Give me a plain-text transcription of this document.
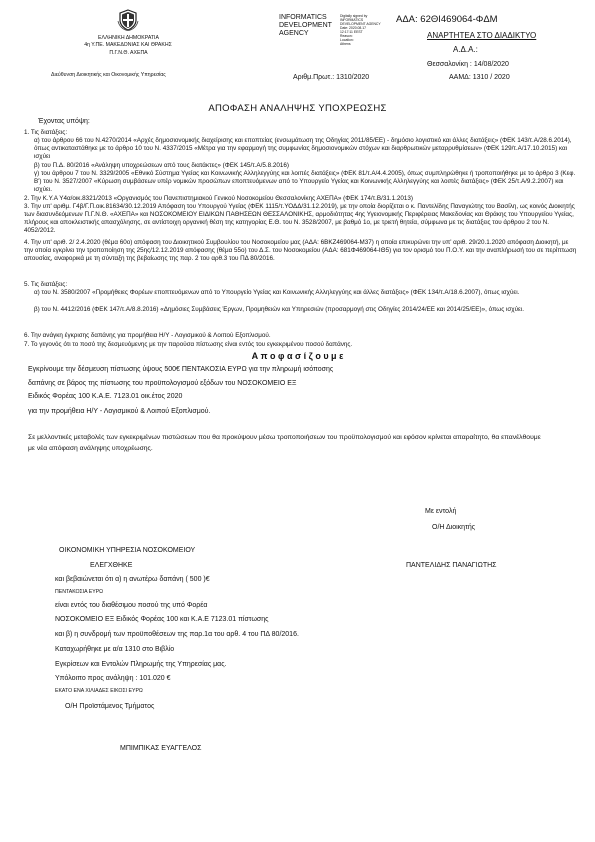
ΕΛΛΗΝΙΚΗ ΔΗΜΟΚΡΑΤΙΑ
4η Υ.ΠΕ. ΜΑΚΕΔΟΝΙΑΣ ΚΑΙ ΘΡΑΚΗΣ
Π.Γ.Ν.Θ. ΑΧΕΠΑ
Διεύθυνση Διοικητικής και Οικονομικής Υπηρεσίας
INFORMATICS
DEVELOPMENT
AGENCY
Digitally signed by
INFORMATICS
DEVELOPMENT AGENCY
Date: 2020.08.17
12:17:11 EEST
Reason:
Location:
Athens
ΑΔΑ: 62ΘΙ469064-ΦΔΜ
ΑΝΑΡΤΗΤΕΑ ΣΤΟ ΔΙΑΔΙΚΤΥΟ
Α.Δ.Α.:
Θεσσαλονίκη : 14/08/2020
Αριθμ.Πρωτ.: 1310/2020	ΑΑΜΔ: 1310 / 2020
ΑΠΟΦΑΣΗ ΑΝΑΛΗΨΗΣ ΥΠΟΧΡΕΩΣΗΣ
Έχοντας υπόψη:
1. Τις διατάξεις:
α) του άρθρου 66 του Ν.4270/2014 «Αρχές δημοσιονομικής διαχείρισης και εποπτείας (ενσωμάτωση της Οδηγίας 2011/85/ΕΕ) - δημόσιο λογιστικό και άλλες διατάξεις» (ΦΕΚ 143/τ.Α/28.6.2014), όπως αντικαταστάθηκε με το άρθρο 10 του Ν. 4337/2015 «Μέτρα για την εφαρμογή της συμφωνίας δημοσιονομικών στόχων και διαρθρωτικών μεταρρυθμίσεων» (ΦΕΚ 129/τ.Α/17.10.2015) και ισχύει
β) του Π.Δ. 80/2016 «Ανάληψη υποχρεώσεων από τους διατάκτες» (ΦΕΚ 145/τ.Α/5.8.2016)
γ) του άρθρου 7 του Ν. 3329/2005 «Εθνικό Σύστημα Υγείας και Κοινωνικής Αλληλεγγύης και λοιπές διατάξεις» (ΦΕΚ 81/τ.Α/4.4.2005), όπως συμπληρώθηκε ή τροποποιήθηκε με το άρθρο 3 (Κεφ. Β') του Ν. 3527/2007 «Κύρωση συμβάσεων υπέρ νομικών προσώπων εποπτευόμενων από το Υπουργείο Υγείας και Κοινωνικής Αλληλεγγύης και λοιπές διατάξεις» (ΦΕΚ 25/τ.Α/9.2.2007) και ισχύει.
2. Την Κ.Υ.Α Υ4α/οικ.8321/2013 «Οργανισμός του Πανεπιστημιακού Γενικού Νοσοκομείου Θεσσαλονίκης ΑΧΕΠΑ» (ΦΕΚ 174/τ.Β/31.1.2013)
3. Την υπ' αριθμ. Γ4β/Γ.Π.οικ.81634/30.12.2019 Απόφαση του Υπουργού Υγείας (ΦΕΚ 1115/τ.ΥΟΔΔ/31.12.2019), με την οποία διορίζεται ο κ. Παντελίδης Παναγιώτης του Βασίλη, ως κοινός Διοικητής των διασυνδεόμενων Π.Γ.Ν.Θ. «ΑΧΕΠΑ» και ΝΟΣΟΚΟΜΕΙΟΥ ΕΙΔΙΚΩΝ ΠΑΘΗΣΕΩΝ ΘΕΣΣΑΛΟΝΙΚΗΣ, αρμοδιότητας 4ης Υγειονομικής Περιφέρειας Μακεδονίας και Θράκης του Υπουργείου Υγείας, πλήρους και αποκλειστικής απασχόλησης, σε αντίστοιχη οργανική θέση της κατηγορίας Ε.Θ. του Ν. 3528/2007, με βαθμό 1ο, με τριετή θητεία, σύμφωνα με τις διατάξεις του άρθρου 2 του Ν. 4052/2012.
4. Την υπ' αριθ. 2/ 2.4.2020 (θέμα 60ο) απόφαση του Διοικητικού Συμβουλίου του Νοσοκομείου μας (ΑΔΑ: 6ΒΚΖ469064-Μ37) η οποία επικυρώνει την υπ' αριθ. 29/20.1.2020 απόφαση Διοικητή, με την οποία εγκρίνει την τροποποίηση της 25ης/12.12.2019 απόφασης (θέμα 55ο) του Δ.Σ. του Νοσοκομείου (ΑΔΑ: 681Φ469064-ΙΘ5) για τον ορισμό του Π.Ο.Υ. και την αναπλήρωσή του σε περίπτωση απουσίας, αναφορικά με τη σύνταξη της βεβαίωσης της παρ. 2 του αρθ.3 του ΠΔ 80/2016.
5. Τις διατάξεις:
α) του Ν. 3580/2007 «Προμήθειες Φορέων εποπτευόμενων από το Υπουργείο Υγείας και Κοινωνικής Αλληλεγγύης και άλλες διατάξεις» (ΦΕΚ 134/τ.Α/18.6.2007), όπως ισχύει.
β) του Ν. 4412/2016 (ΦΕΚ 147/τ.Α/8.8.2016) «Δημόσιες Συμβάσεις Έργων, Προμηθειών και Υπηρεσιών (προσαρμογή στις Οδηγίες 2014/24/ΕΕ και 2014/25/ΕΕ)», όπως ισχύει.
6. Την ανάγκη έγκρισης δαπάνης για προμήθεια Η/Υ - Λογισμικού & Λοιπού Εξοπλισμού.
7. Το γεγονός ότι το ποσό της δεσμευόμενης με την παρούσα πίστωσης είναι εντός του εγκεκριμένου ποσού δαπάνης.
Α π ο φ α σ ί ζ ο υ μ ε
Εγκρίνουμε την δέσμευση πίστωσης ύψους 500€ ΠΕΝΤΑΚΟΣΙΑ ΕΥΡΩ για την πληρωμή ισόποσης
δαπάνης σε βάρος της πίστωσης του προϋπολογισμού εξόδων του ΝΟΣΟΚΟΜΕΙΟ ΕΞ
Ειδικός Φορέας 100 Κ.Α.Ε. 7123.01 οικ.έτος 2020
για την προμήθεια Η/Υ - Λογισμικού & Λοιπού Εξοπλισμού.
Σε μελλοντικές μεταβολές των εγκεκριμένων πιστώσεων που θα προκύψουν μέσω τροποποιήσεων του προϋπολογισμού και εφόσον κρίνεται απαραίτητο, θα επανέλθουμε με νέα απόφαση ανάληψης υποχρέωσης.
Με εντολή
Ο/Η Διοικητής
ΟΙΚΟΝΟΜΙΚΗ ΥΠΗΡΕΣΙΑ ΝΟΣΟΚΟΜΕΙΟΥ
ΕΛΕΓΧΘΗΚΕ	ΠΑΝΤΕΛΙΔΗΣ ΠΑΝΑΓΙΩΤΗΣ
και βεβαιώνεται ότι α) η ανωτέρω δαπάνη ( 500 )€
ΠΕΝΤΑΚΟΣΙΑ ΕΥΡΩ
είναι εντός του διαθέσιμου ποσού της υπό Φορέα
ΝΟΣΟΚΟΜΕΙΟ ΕΞ Ειδικός Φορέας 100 και Κ.Α.Ε 7123.01 πίστωσης
και β) η συνδρομή των προϋποθέσεων της παρ.1α του αρθ. 4 του ΠΔ 80/2016.
Καταχωρήθηκε με α/α 1310 στο Βιβλίο
Εγκρίσεων και Εντολών Πληρωμής της Υπηρεσίας μας.
Υπόλοιπο προς ανάληψη : 101.020 €
ΕΚΑΤΟ ΕΝΑ ΧΙΛΙΑΔΕΣ ΕΙΚΟΣΙ ΕΥΡΩ
Ο/Η Προϊστάμενος Τμήματος
ΜΠΙΜΠΙΚΑΣ ΕΥΑΓΓΕΛΟΣ
